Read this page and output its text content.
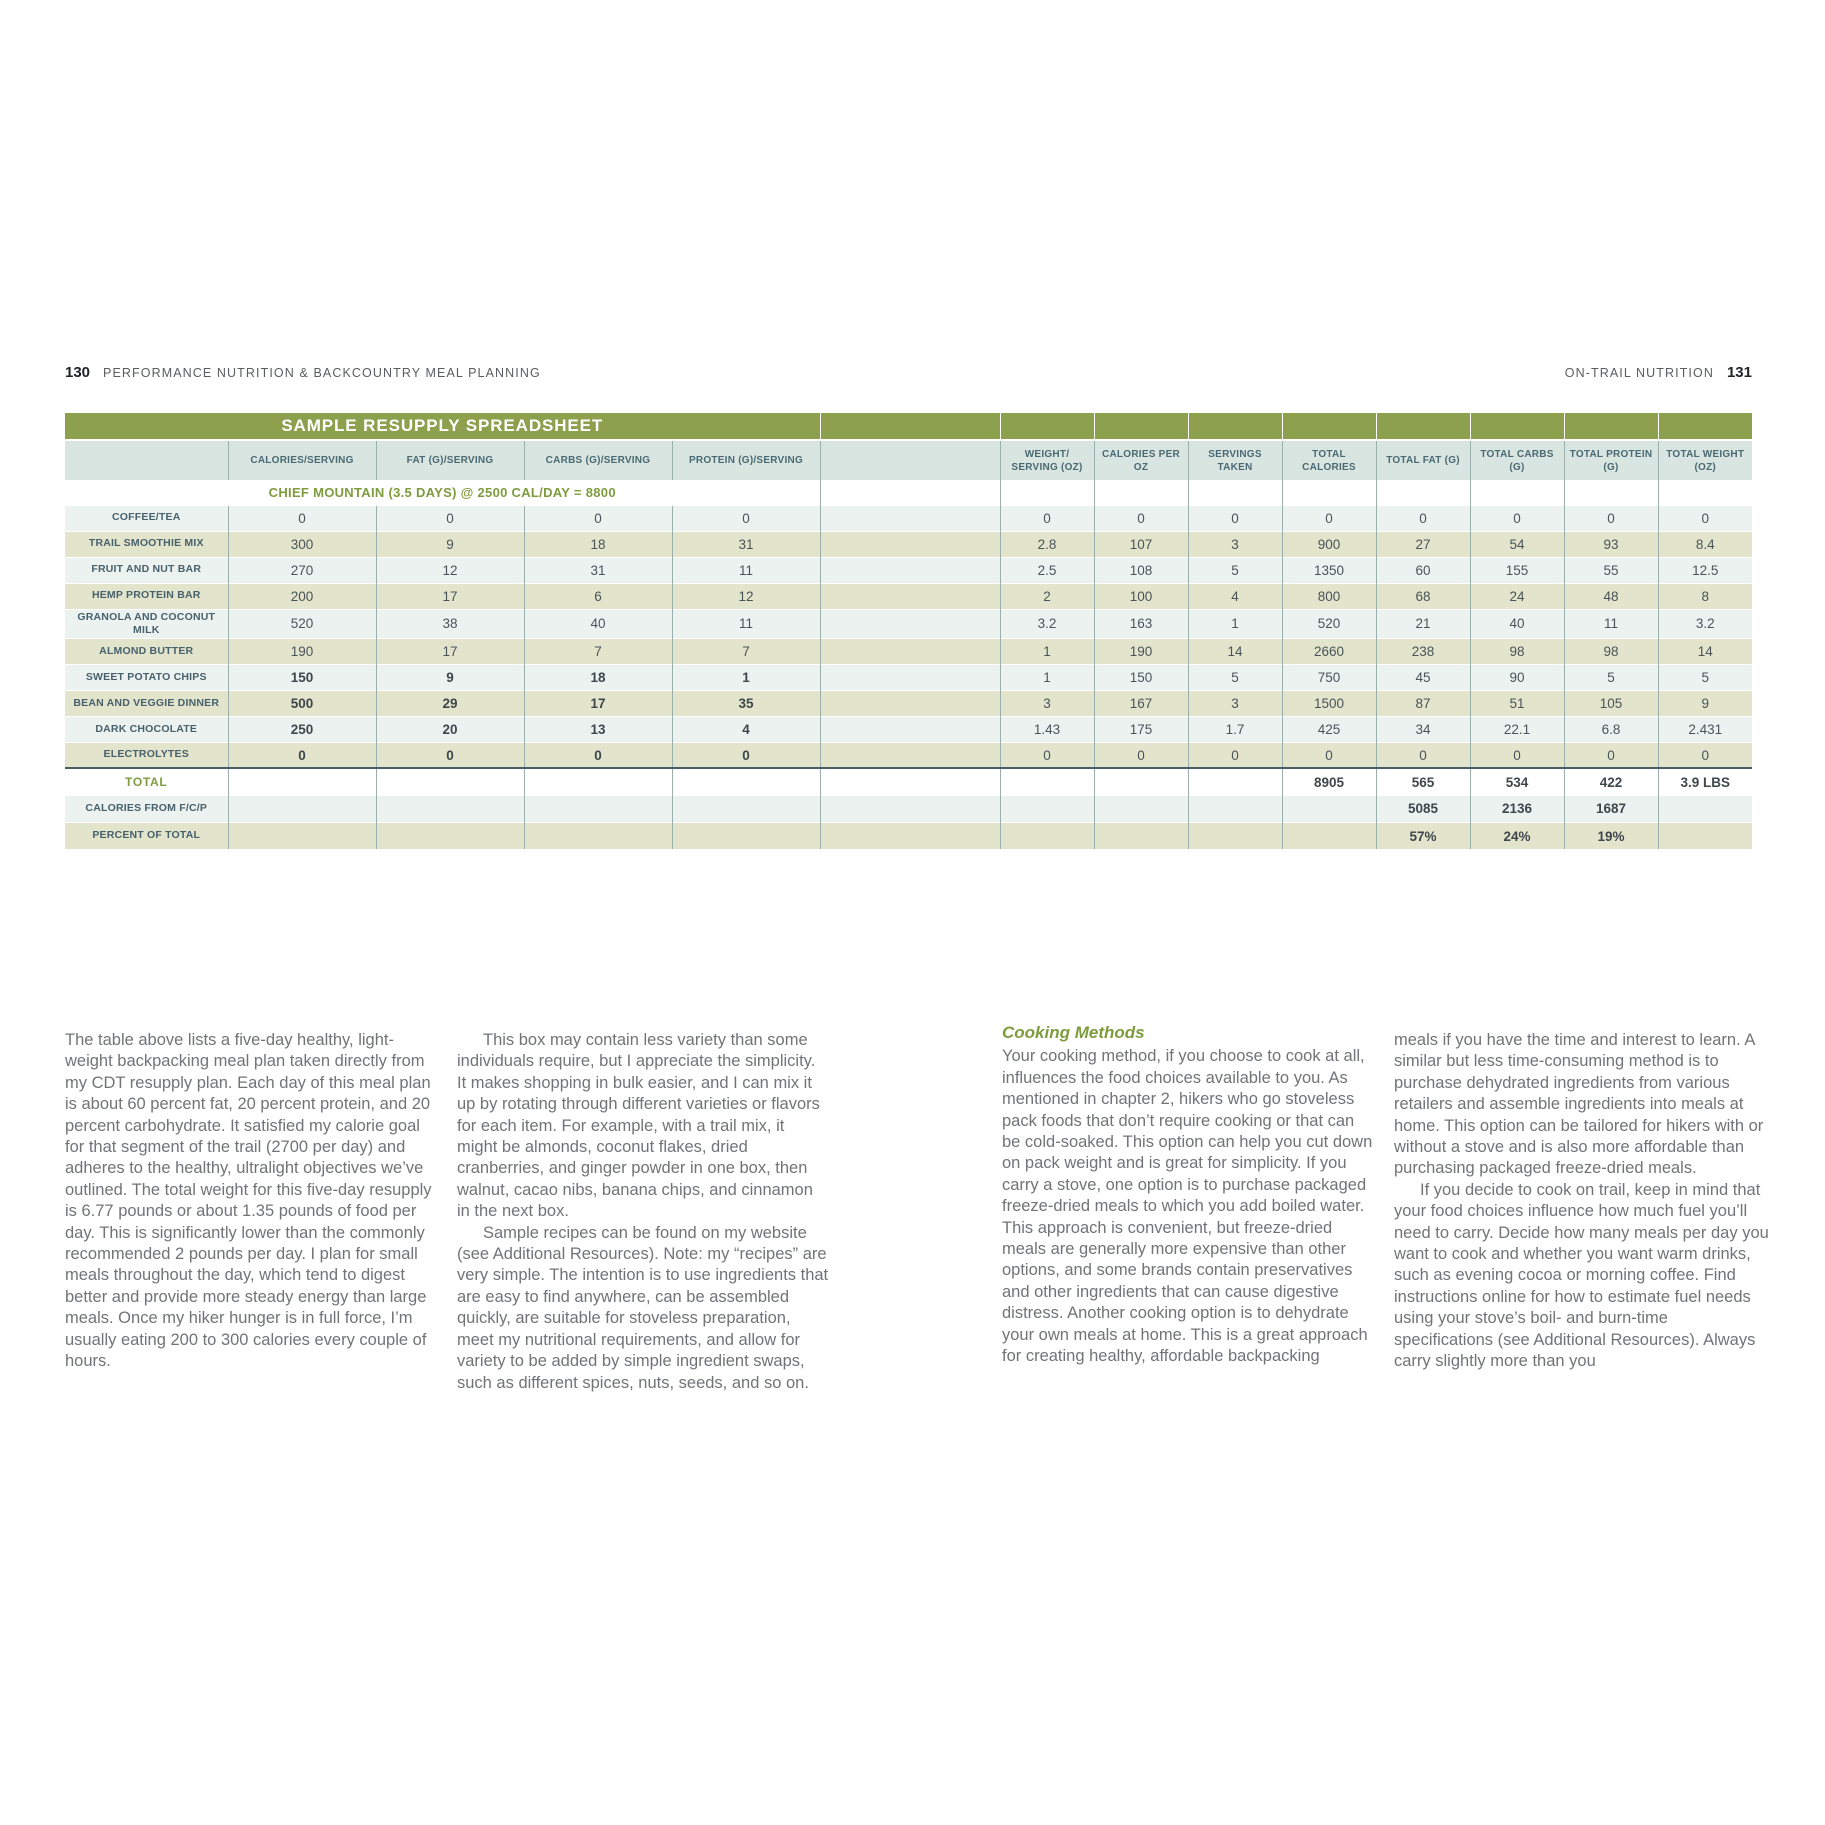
130 PERFORMANCE NUTRITION & BACKCOUNTRY MEAL PLANNING	ON-TRAIL NUTRITION 131
SAMPLE RESUPPLY SPREADSHEET													
	CALORIES/SERVING	FAT (G)/SERVING	CARBS (G)/SERVING	PROTEIN (G)/SERVING		WEIGHT/ SERVING (OZ)	CALORIES PER OZ	SERVINGS TAKEN	TOTAL CALORIES	TOTAL FAT (G)	TOTAL CARBS (G)	TOTAL PROTEIN (G)	TOTAL WEIGHT (OZ)
CHIEF MOUNTAIN (3.5 DAYS) @ 2500 CAL/DAY = 8800													
COFFEE/TEA	0	0	0	0		0	0	0	0	0	0	0	0
TRAIL SMOOTHIE MIX	300	9	18	31		2.8	107	3	900	27	54	93	8.4
FRUIT AND NUT BAR	270	12	31	11		2.5	108	5	1350	60	155	55	12.5
HEMP PROTEIN BAR	200	17	6	12		2	100	4	800	68	24	48	8
GRANOLA AND COCONUT MILK	520	38	40	11		3.2	163	1	520	21	40	11	3.2
ALMOND BUTTER	190	17	7	7		1	190	14	2660	238	98	98	14
SWEET POTATO CHIPS	150	9	18	1		1	150	5	750	45	90	5	5
BEAN AND VEGGIE DINNER	500	29	17	35		3	167	3	1500	87	51	105	9
DARK CHOCOLATE	250	20	13	4		1.43	175	1.7	425	34	22.1	6.8	2.431
ELECTROLYTES	0	0	0	0		0	0	0	0	0	0	0	0
TOTAL									8905	565	534	422	3.9 LBS
CALORIES FROM F/C/P										5085	2136	1687	
PERCENT OF TOTAL										57%	24%	19%	

The table above lists a five-day healthy, light-weight backpacking meal plan taken directly from my CDT resupply plan. Each day of this meal plan is about 60 percent fat, 20 percent protein, and 20 percent carbohydrate. It satisfied my calorie goal for that segment of the trail (2700 per day) and adheres to the healthy, ultralight objectives we’ve outlined. The total weight for this five-day resupply is 6.77 pounds or about 1.35 pounds of food per day. This is significantly lower than the commonly recommended 2 pounds per day. I plan for small meals throughout the day, which tend to digest better and provide more steady energy than large meals. Once my hiker hunger is in full force, I’m usually eating 200 to 300 calories every couple of hours.

This box may contain less variety than some individuals require, but I appreciate the simplicity. It makes shopping in bulk easier, and I can mix it up by rotating through different varieties or flavors for each item. For example, with a trail mix, it might be almonds, coconut flakes, dried cranberries, and ginger powder in one box, then walnut, cacao nibs, banana chips, and cinnamon in the next box.

Sample recipes can be found on my website (see Additional Resources). Note: my “recipes” are very simple. The intention is to use ingredients that are easy to find anywhere, can be assembled quickly, are suitable for stoveless preparation, meet my nutritional requirements, and allow for variety to be added by simple ingredient swaps, such as different spices, nuts, seeds, and so on.

Cooking Methods

Your cooking method, if you choose to cook at all, influences the food choices available to you. As mentioned in chapter 2, hikers who go stoveless pack foods that don’t require cooking or that can be cold-soaked. This option can help you cut down on pack weight and is great for simplicity. If you carry a stove, one option is to purchase packaged freeze-dried meals to which you add boiled water. This approach is convenient, but freeze-dried meals are generally more expensive than other options, and some brands contain preservatives and other ingredients that can cause digestive distress. Another cooking option is to dehydrate your own meals at home. This is a great approach for creating healthy, affordable backpacking

meals if you have the time and interest to learn. A similar but less time-consuming method is to purchase dehydrated ingredients from various retailers and assemble ingredients into meals at home. This option can be tailored for hikers with or without a stove and is also more affordable than purchasing packaged freeze-dried meals.

If you decide to cook on trail, keep in mind that your food choices influence how much fuel you’ll need to carry. Decide how many meals per day you want to cook and whether you want warm drinks, such as evening cocoa or morning coffee. Find instructions online for how to estimate fuel needs using your stove’s boil- and burn-time specifications (see Additional Resources). Always carry slightly more than you
